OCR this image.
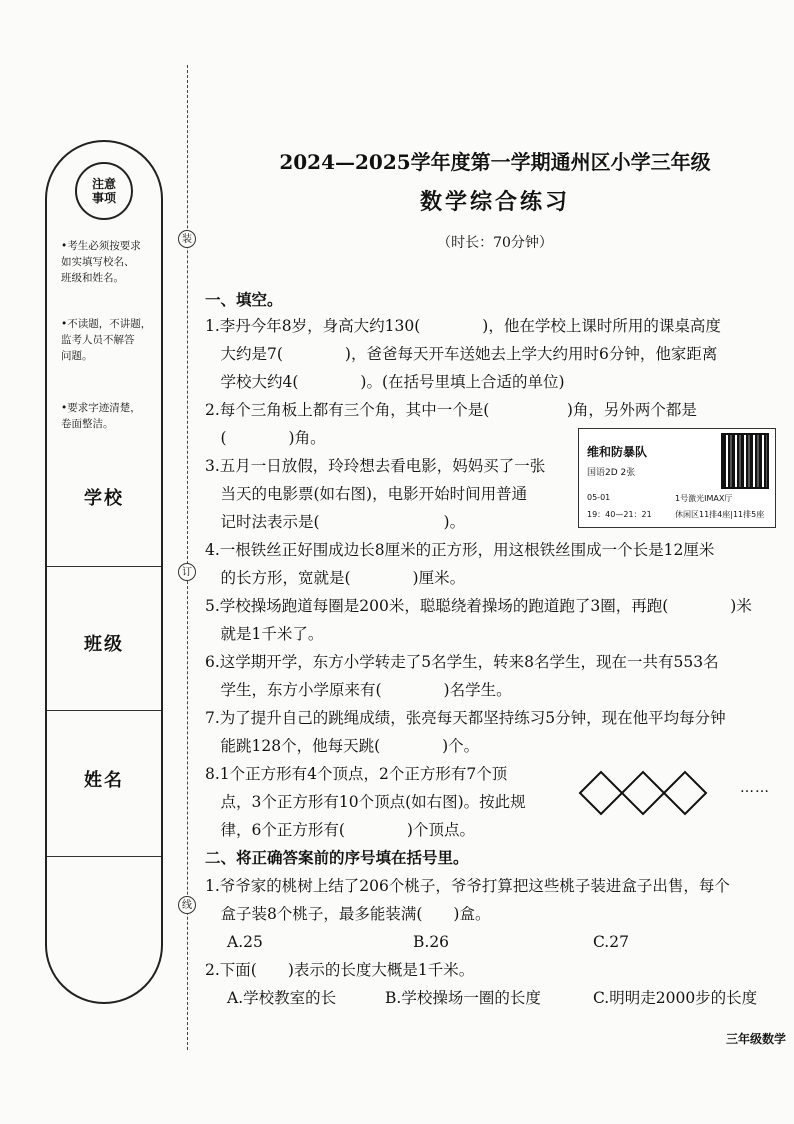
注意
事项
•考生必须按要求
如实填写校名、
班级和姓名。
•不读题，不讲题，
监考人员不解答
问题。
•要求字迹清楚，
卷面整洁。
学校
班级
姓名
装
订
线
2024—2025学年度第一学期通州区小学三年级
数学综合练习
（时长：70分钟）
一、填空。
1.李丹今年8岁，身高大约130(　　　　)，他在学校上课时所用的课桌高度
　大约是7(　　　　)，爸爸每天开车送她去上学大约用时6分钟，他家距离
　学校大约4(　　　　)。(在括号里填上合适的单位)
2.每个三角板上都有三个角，其中一个是(　　　　　)角，另外两个都是
　(　　　　)角。
3.五月一日放假，玲玲想去看电影，妈妈买了一张
　当天的电影票(如右图)，电影开始时间用普通
　记时法表示是(　　　　　　　　)。
4.一根铁丝正好围成边长8厘米的正方形，用这根铁丝围成一个长是12厘米
　的长方形，宽就是(　　　　)厘米。
5.学校操场跑道每圈是200米，聪聪绕着操场的跑道跑了3圈，再跑(　　　　)米
　就是1千米了。
6.这学期开学，东方小学转走了5名学生，转来8名学生，现在一共有553名
　学生，东方小学原来有(　　　　)名学生。
7.为了提升自己的跳绳成绩，张亮每天都坚持练习5分钟，现在他平均每分钟
　能跳128个，他每天跳(　　　　)个。
8.1个正方形有4个顶点，2个正方形有7个顶
　点，3个正方形有10个顶点(如右图)。按此规
　律，6个正方形有(　　　　)个顶点。
二、将正确答案前的序号填在括号里。
1.爷爷家的桃树上结了206个桃子，爷爷打算把这些桃子装进盒子出售，每个
　盒子装8个桃子，最多能装满(　　)盒。
A.25	B.26	C.27
2.下面(　　)表示的长度大概是1千米。
A.学校教室的长	B.学校操场一圈的长度	C.明明走2000步的长度
维和防暴队
国语2D 2张
05-01	1号激光IMAX厅
19：40—21：21	休闲区11排4座|11排5座
……
三年级数学
